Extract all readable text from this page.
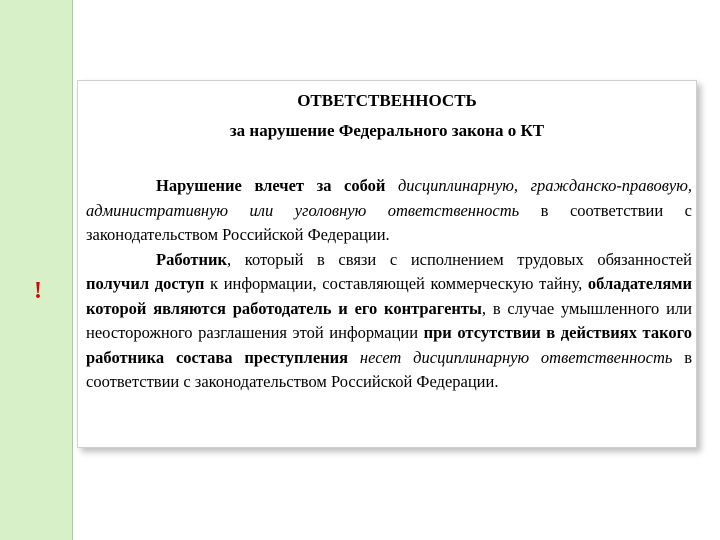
!
ОТВЕТСТВЕННОСТЬ
за нарушение Федерального закона о КТ

Нарушение влечет за собой дисциплинарную, гражданско-правовую, административную или уголовную ответственность в соответствии с законодательством Российской Федерации.

Работник, который в связи с исполнением трудовых обязанностей получил доступ к информации, составляющей коммерческую тайну, обладателями которой являются работодатель и его контрагенты, в случае умышленного или неосторожного разглашения этой информации при отсутствии в действиях такого работника состава преступления несет дисциплинарную ответственность в соответствии с законодательством Российской Федерации.
